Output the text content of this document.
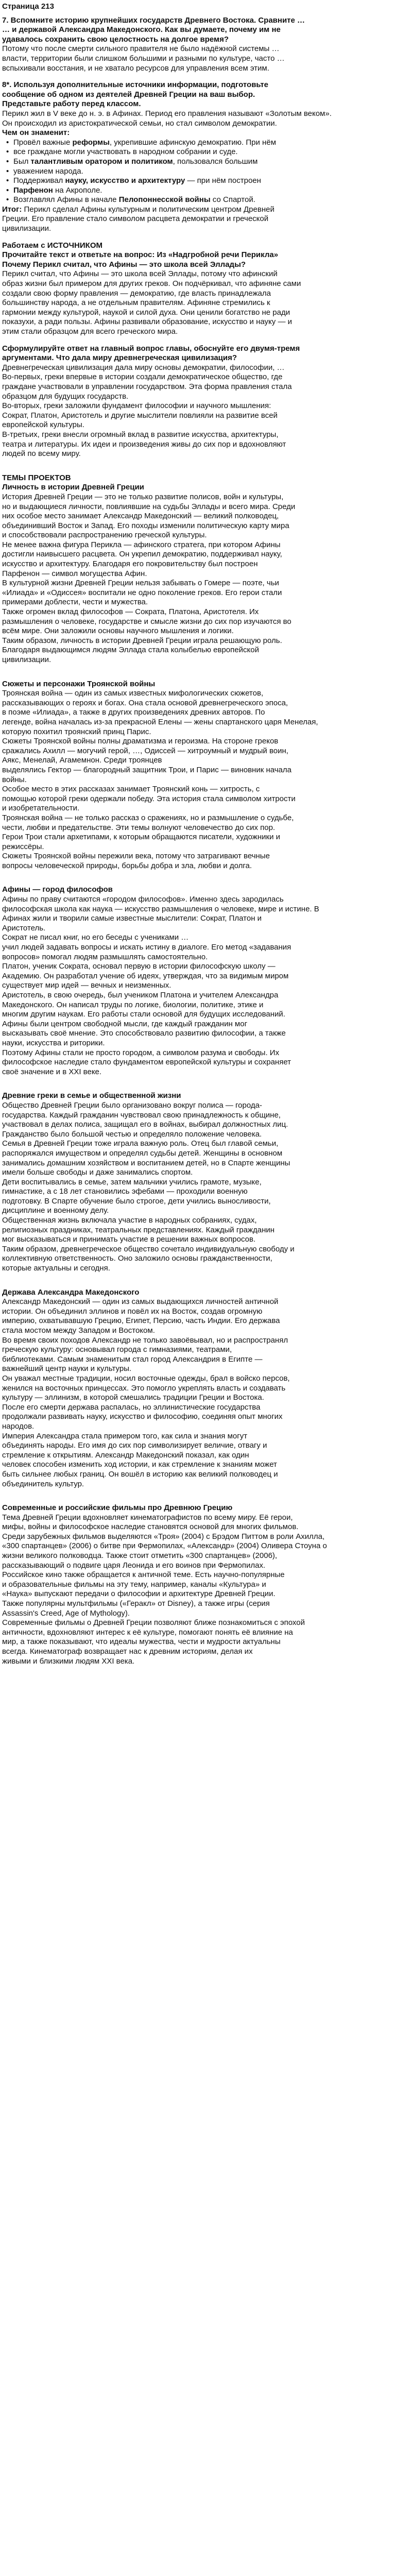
Страница 213

7. Вспомните историю крупнейших государств Древнего Востока. Сравните …

… и державой Александра Македонского. Как вы думаете, почему им не

удавалось сохранить свою целостность на долгое время?

Потому что после смерти сильного правителя не было надёжной системы …

власти, территории были слишком большими и разными по культуре, часто …

вспыхивали восстания, и не хватало ресурсов для управления всем этим.

8*. Используя дополнительные источники информации, подготовьте

сообщение об одном из деятелей Древней Греции на ваш выбор.

Представьте работу перед классом.

Перикл жил в V веке до н. э. в Афинах. Период его правления называют «Золотым веком».

Он происходил из аристократической семьи, но стал символом демократии.

Чем он знаменит:

• Провёл важные реформы, укрепившие афинскую демократию. При нём
• все граждане могли участвовать в народном собрании и суде.
• Был талантливым оратором и политиком, пользовался большим
• уважением народа.
• Поддерживал науку, искусство и архитектуру — при нём построен
• Парфенон на Акрополе.
• Возглавлял Афины в начале Пелопоннесской войны со Спартой.

Итог: Перикл сделал Афины культурным и политическим центром Древней

Греции. Его правление стало символом расцвета демократии и греческой

цивилизации.

Работаем с ИСТОЧНИКОМ

Прочитайте текст и ответьте на вопрос: Из «Надгробной речи Перикла»

Почему Перикл считал, что Афины — это школа всей Эллады?

Перикл считал, что Афины — это школа всей Эллады, потому что афинский

образ жизни был примером для других греков. Он подчёркивал, что афиняне сами

создали свою форму правления — демократию, где власть принадлежала

большинству народа, а не отдельным правителям. Афиняне стремились к

гармонии между культурой, наукой и силой духа. Они ценили богатство не ради

показухи, а ради пользы. Афины развивали образование, искусство и науку — и

этим стали образцом для всего греческого мира.

Сформулируйте ответ на главный вопрос главы, обоснуйте его двумя-тремя

аргументами. Что дала миру древнегреческая цивилизация?

Древнегреческая цивилизация дала миру основы демократии, философии, …

Во-первых, греки впервые в истории создали демократическое общество, где

граждане участвовали в управлении государством. Эта форма правления стала

образцом для будущих государств.

Во-вторых, греки заложили фундамент философии и научного мышления:

Сократ, Платон, Аристотель и другие мыслители повлияли на развитие всей

европейской культуры.

В-третьих, греки внесли огромный вклад в развитие искусства, архитектуры,

театра и литературы. Их идеи и произведения живы до сих пор и вдохновляют

людей по всему миру.

ТЕМЫ ПРОЕКТОВ

Личность в истории Древней Греции

История Древней Греции — это не только развитие полисов, войн и культуры,

но и выдающиеся личности, повлиявшие на судьбы Эллады и всего мира. Среди

них особое место занимает Александр Македонский — великий полководец,

объединивший Восток и Запад. Его походы изменили политическую карту мира

и способствовали распространению греческой культуры.

Не менее важна фигура Перикла — афинского стратега, при котором Афины

достигли наивысшего расцвета. Он укрепил демократию, поддерживал науку,

искусство и архитектуру. Благодаря его покровительству был построен

Парфенон — символ могущества Афин.

В культурной жизни Древней Греции нельзя забывать о Гомере — поэте, чьи

«Илиада» и «Одиссея» воспитали не одно поколение греков. Его герои стали

примерами доблести, чести и мужества.

Также огромен вклад философов — Сократа, Платона, Аристотеля. Их

размышления о человеке, государстве и смысле жизни до сих пор изучаются во

всём мире. Они заложили основы научного мышления и логики.

Таким образом, личность в истории Древней Греции играла решающую роль.

Благодаря выдающимся людям Эллада стала колыбелью европейской

цивилизации.

Сюжеты и персонажи Троянской войны

Троянская война — один из самых известных мифологических сюжетов,

рассказывающих о героях и богах. Она стала основой древнегреческого эпоса,

в поэме «Илиада», а также в других произведениях древних авторов. По

легенде, война началась из-за прекрасной Елены — жены спартанского царя Менелая,

которую похитил троянский принц Парис.

Сюжеты Троянской войны полны драматизма и героизма. На стороне греков

сражались Ахилл — могучий герой, …, Одиссей — хитроумный и мудрый воин,

Аякс, Менелай, Агамемнон. Среди троянцев

выделялись Гектор — благородный защитник Трои, и Парис — виновник начала

войны.

Особое место в этих рассказах занимает Троянский конь — хитрость, с

помощью которой греки одержали победу. Эта история стала символом хитрости

и изобретательности.

Троянская война — не только рассказ о сражениях, но и размышление о судьбе,

чести, любви и предательстве. Эти темы волнуют человечество до сих пор.

Герои Трои стали архетипами, к которым обращаются писатели, художники и

режиссёры.

Сюжеты Троянской войны пережили века, потому что затрагивают вечные

вопросы человеческой природы, борьбы добра и зла, любви и долга.

Афины — город философов

Афины по праву считаются «городом философов». Именно здесь зародилась

философская школа как наука — искусство размышления о человеке, мире и истине. В

Афинах жили и творили самые известные мыслители: Сократ, Платон и

Аристотель.

Сократ не писал книг, но его беседы с учениками …

учил людей задавать вопросы и искать истину в диалоге. Его метод «задавания

вопросов» помогал людям размышлять самостоятельно.

Платон, ученик Сократа, основал первую в истории философскую школу —

Академию. Он разработал учение об идеях, утверждая, что за видимым миром

существует мир идей — вечных и неизменных.

Аристотель, в свою очередь, был учеником Платона и учителем Александра

Македонского. Он написал труды по логике, биологии, политике, этике и

многим другим наукам. Его работы стали основой для будущих исследований.

Афины были центром свободной мысли, где каждый гражданин мог

высказывать своё мнение. Это способствовало развитию философии, а также

науки, искусства и риторики.

Поэтому Афины стали не просто городом, а символом разума и свободы. Их

философское наследие стало фундаментом европейской культуры и сохраняет

своё значение и в XXI веке.

Древние греки в семье и общественной жизни

Общество Древней Греции было организовано вокруг полиса — города-

государства. Каждый гражданин чувствовал свою принадлежность к общине,

участвовал в делах полиса, защищал его в войнах, выбирал должностных лиц.

Гражданство было большой честью и определяло положение человека.

Семья в Древней Греции тоже играла важную роль. Отец был главой семьи,

распоряжался имуществом и определял судьбы детей. Женщины в основном

занимались домашним хозяйством и воспитанием детей, но в Спарте женщины

имели больше свободы и даже занимались спортом.

Дети воспитывались в семье, затем мальчики учились грамоте, музыке,

гимнастике, а с 18 лет становились эфебами — проходили военную

подготовку. В Спарте обучение было строгое, дети учились выносливости,

дисциплине и военному делу.

Общественная жизнь включала участие в народных собраниях, судах,

религиозных праздниках, театральных представлениях. Каждый гражданин

мог высказываться и принимать участие в решении важных вопросов.

Таким образом, древнегреческое общество сочетало индивидуальную свободу и

коллективную ответственность. Оно заложило основы гражданственности,

которые актуальны и сегодня.

Держава Александра Македонского

Александр Македонский — один из самых выдающихся личностей античной

истории. Он объединил эллинов и повёл их на Восток, создав огромную

империю, охватывавшую Грецию, Египет, Персию, часть Индии. Его держава

стала мостом между Западом и Востоком.

Во время своих походов Александр не только завоёвывал, но и распространял

греческую культуру: основывал города с гимназиями, театрами,

библиотеками. Самым знаменитым стал город Александрия в Египте —

важнейший центр науки и культуры.

Он уважал местные традиции, носил восточные одежды, брал в войско персов,

женился на восточных принцессах. Это помогло укреплять власть и создавать

культуру — эллинизм, в которой смешались традиции Греции и Востока.

После его смерти держава распалась, но эллинистические государства

продолжали развивать науку, искусство и философию, соединяя опыт многих

народов.

Империя Александра стала примером того, как сила и знания могут

объединять народы. Его имя до сих пор символизирует величие, отвагу и

стремление к открытиям. Александр Македонский показал, как один

человек способен изменить ход истории, и как стремление к знаниям может

быть сильнее любых границ. Он вошёл в историю как великий полководец и

объединитель культур.

Современные и российские фильмы про Древнюю Грецию

Тема Древней Греции вдохновляет кинематографистов по всему миру. Её герои,

мифы, войны и философское наследие становятся основой для многих фильмов.

Среди зарубежных фильмов выделяются «Троя» (2004) с Брэдом Питтом в роли Ахилла,

«300 спартанцев» (2006) о битве при Фермопилах, «Александр» (2004) Оливера Стоуна о

жизни великого полководца. Также стоит отметить «300 спартанцев» (2006),

рассказывающий о подвиге царя Леонида и его воинов при Фермопилах.

Российское кино также обращается к античной теме. Есть научно-популярные

и образовательные фильмы на эту тему, например, каналы «Культура» и

«Наука» выпускают передачи о философии и архитектуре Древней Греции.

Также популярны мультфильмы («Геракл» от Disney), а также игры (серия

Assassin's Creed, Age of Mythology).

Современные фильмы о Древней Греции позволяют ближе познакомиться с эпохой

античности, вдохновляют интерес к её культуре, помогают понять её влияние на

мир, а также показывают, что идеалы мужества, чести и мудрости актуальны

всегда. Кинематограф возвращает нас к древним историям, делая их

живыми и близкими людям XXI века.
